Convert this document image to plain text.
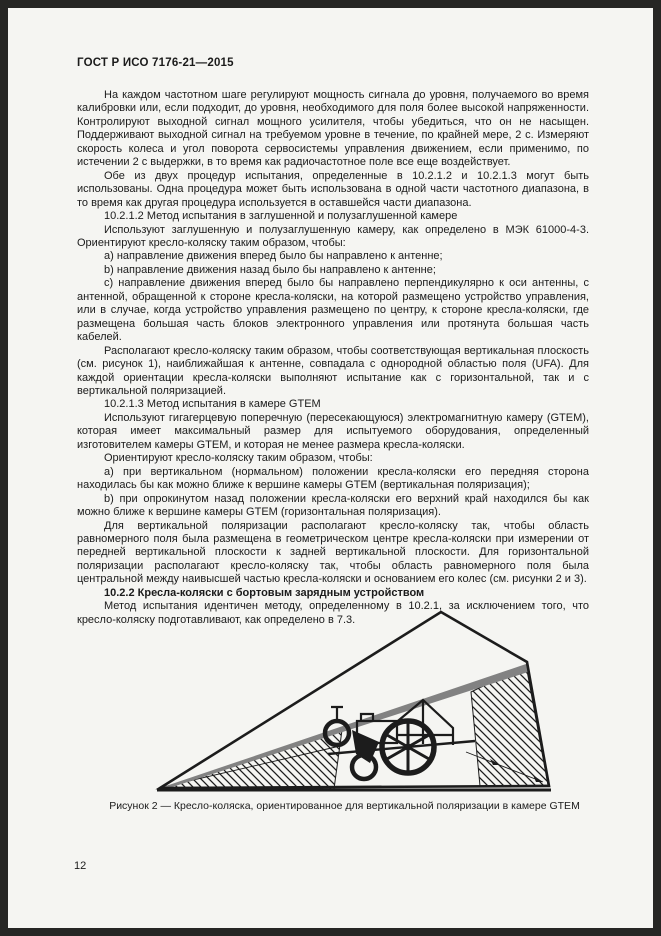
ГОСТ Р ИСО 7176-21—2015

На каждом частотном шаге регулируют мощность сигнала до уровня, получаемого во время калибровки или, если подходит, до уровня, необходимого для поля более высокой напряженности. Контролируют выходной сигнал мощного усилителя, чтобы убедиться, что он не насыщен. Поддерживают выходной сигнал на требуемом уровне в течение, по крайней мере, 2 с. Измеряют скорость колеса и угол поворота сервосистемы управления движением, если применимо, по истечении 2 с выдержки, в то время как радиочастотное поле все еще воздействует.

Обе из двух процедур испытания, определенные в 10.2.1.2 и 10.2.1.3 могут быть использованы. Одна процедура может быть использована в одной части частотного диапазона, в то время как другая процедура используется в оставшейся части диапазона.

10.2.1.2 Метод испытания в заглушенной и полузаглушенной камере

Используют заглушенную и полузаглушенную камеру, как определено в МЭК 61000-4-3. Ориентируют кресло-коляску таким образом, чтобы:

a) направление движения вперед было бы направлено к антенне;

b) направление движения назад было бы направлено к антенне;

c) направление движения вперед было бы направлено перпендикулярно к оси антенны, с антенной, обращенной к стороне кресла-коляски, на которой размещено устройство управления, или в случае, когда устройство управления размещено по центру, к стороне кресла-коляски, где размещена большая часть блоков электронного управления или протянута большая часть кабелей.

Располагают кресло-коляску таким образом, чтобы соответствующая вертикальная плоскость (см. рисунок 1), наиближайшая к антенне, совпадала с однородной областью поля (UFA). Для каждой ориентации кресла-коляски выполняют испытание как с горизонтальной, так и с вертикальной поляризацией.

10.2.1.3 Метод испытания в камере GTEM

Используют гигагерцевую поперечную (пересекающуюся) электромагнитную камеру (GTEM), которая имеет максимальный размер для испытуемого оборудования, определенный изготовителем камеры GTEM, и которая не менее размера кресла-коляски.

Ориентируют кресло-коляску таким образом, чтобы:

a) при вертикальном (нормальном) положении кресла-коляски его передняя сторона находилась бы как можно ближе к вершине камеры GTEM (вертикальная поляризация);

b) при опрокинутом назад положении кресла-коляски его верхний край находился бы как можно ближе к вершине камеры GTEM (горизонтальная поляризация).

Для вертикальной поляризации располагают кресло-коляску так, чтобы область равномерного поля была размещена в геометрическом центре кресла-коляски при измерении от передней вертикальной плоскости к задней вертикальной плоскости. Для горизонтальной поляризации располагают кресло-коляску так, чтобы область равномерного поля была центральной между наивысшей частью кресла-коляски и основанием его колес (см. рисунки 2 и 3).

10.2.2 Кресла-коляски с бортовым зарядным устройством

Метод испытания идентичен методу, определенному в 10.2.1, за исключением того, что кресло-коляску подготавливают, как определено в 7.3.

Рисунок 2 — Кресло-коляска, ориентированное для вертикальной поляризации в камере GTEM
12
